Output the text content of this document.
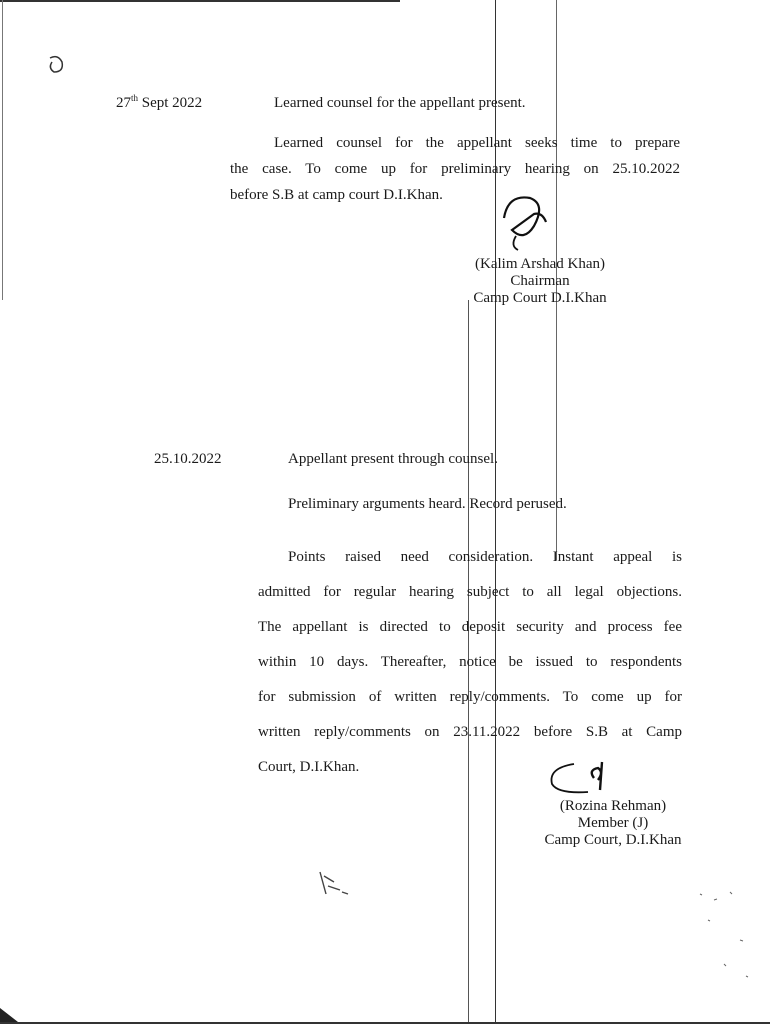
27th Sept 2022	Learned counsel for the appellant present.
Learned counsel for the appellant seeks time to prepare
the case. To come up for preliminary hearing on 25.10.2022
before S.B at camp court D.I.Khan.
(Kalim Arshad Khan)
Chairman
Camp Court D.I.Khan
25.10.2022	Appellant present through counsel.
Preliminary arguments heard. Record perused.
Points raised need consideration. Instant appeal is
admitted for regular hearing subject to all legal objections.
The appellant is directed to deposit security and process fee
within 10 days. Thereafter, notice be issued to respondents
for submission of written reply/comments. To come up for
written reply/comments on 23.11.2022 before S.B at Camp
Court, D.I.Khan.
(Rozina Rehman)
Member (J)
Camp Court, D.I.Khan
